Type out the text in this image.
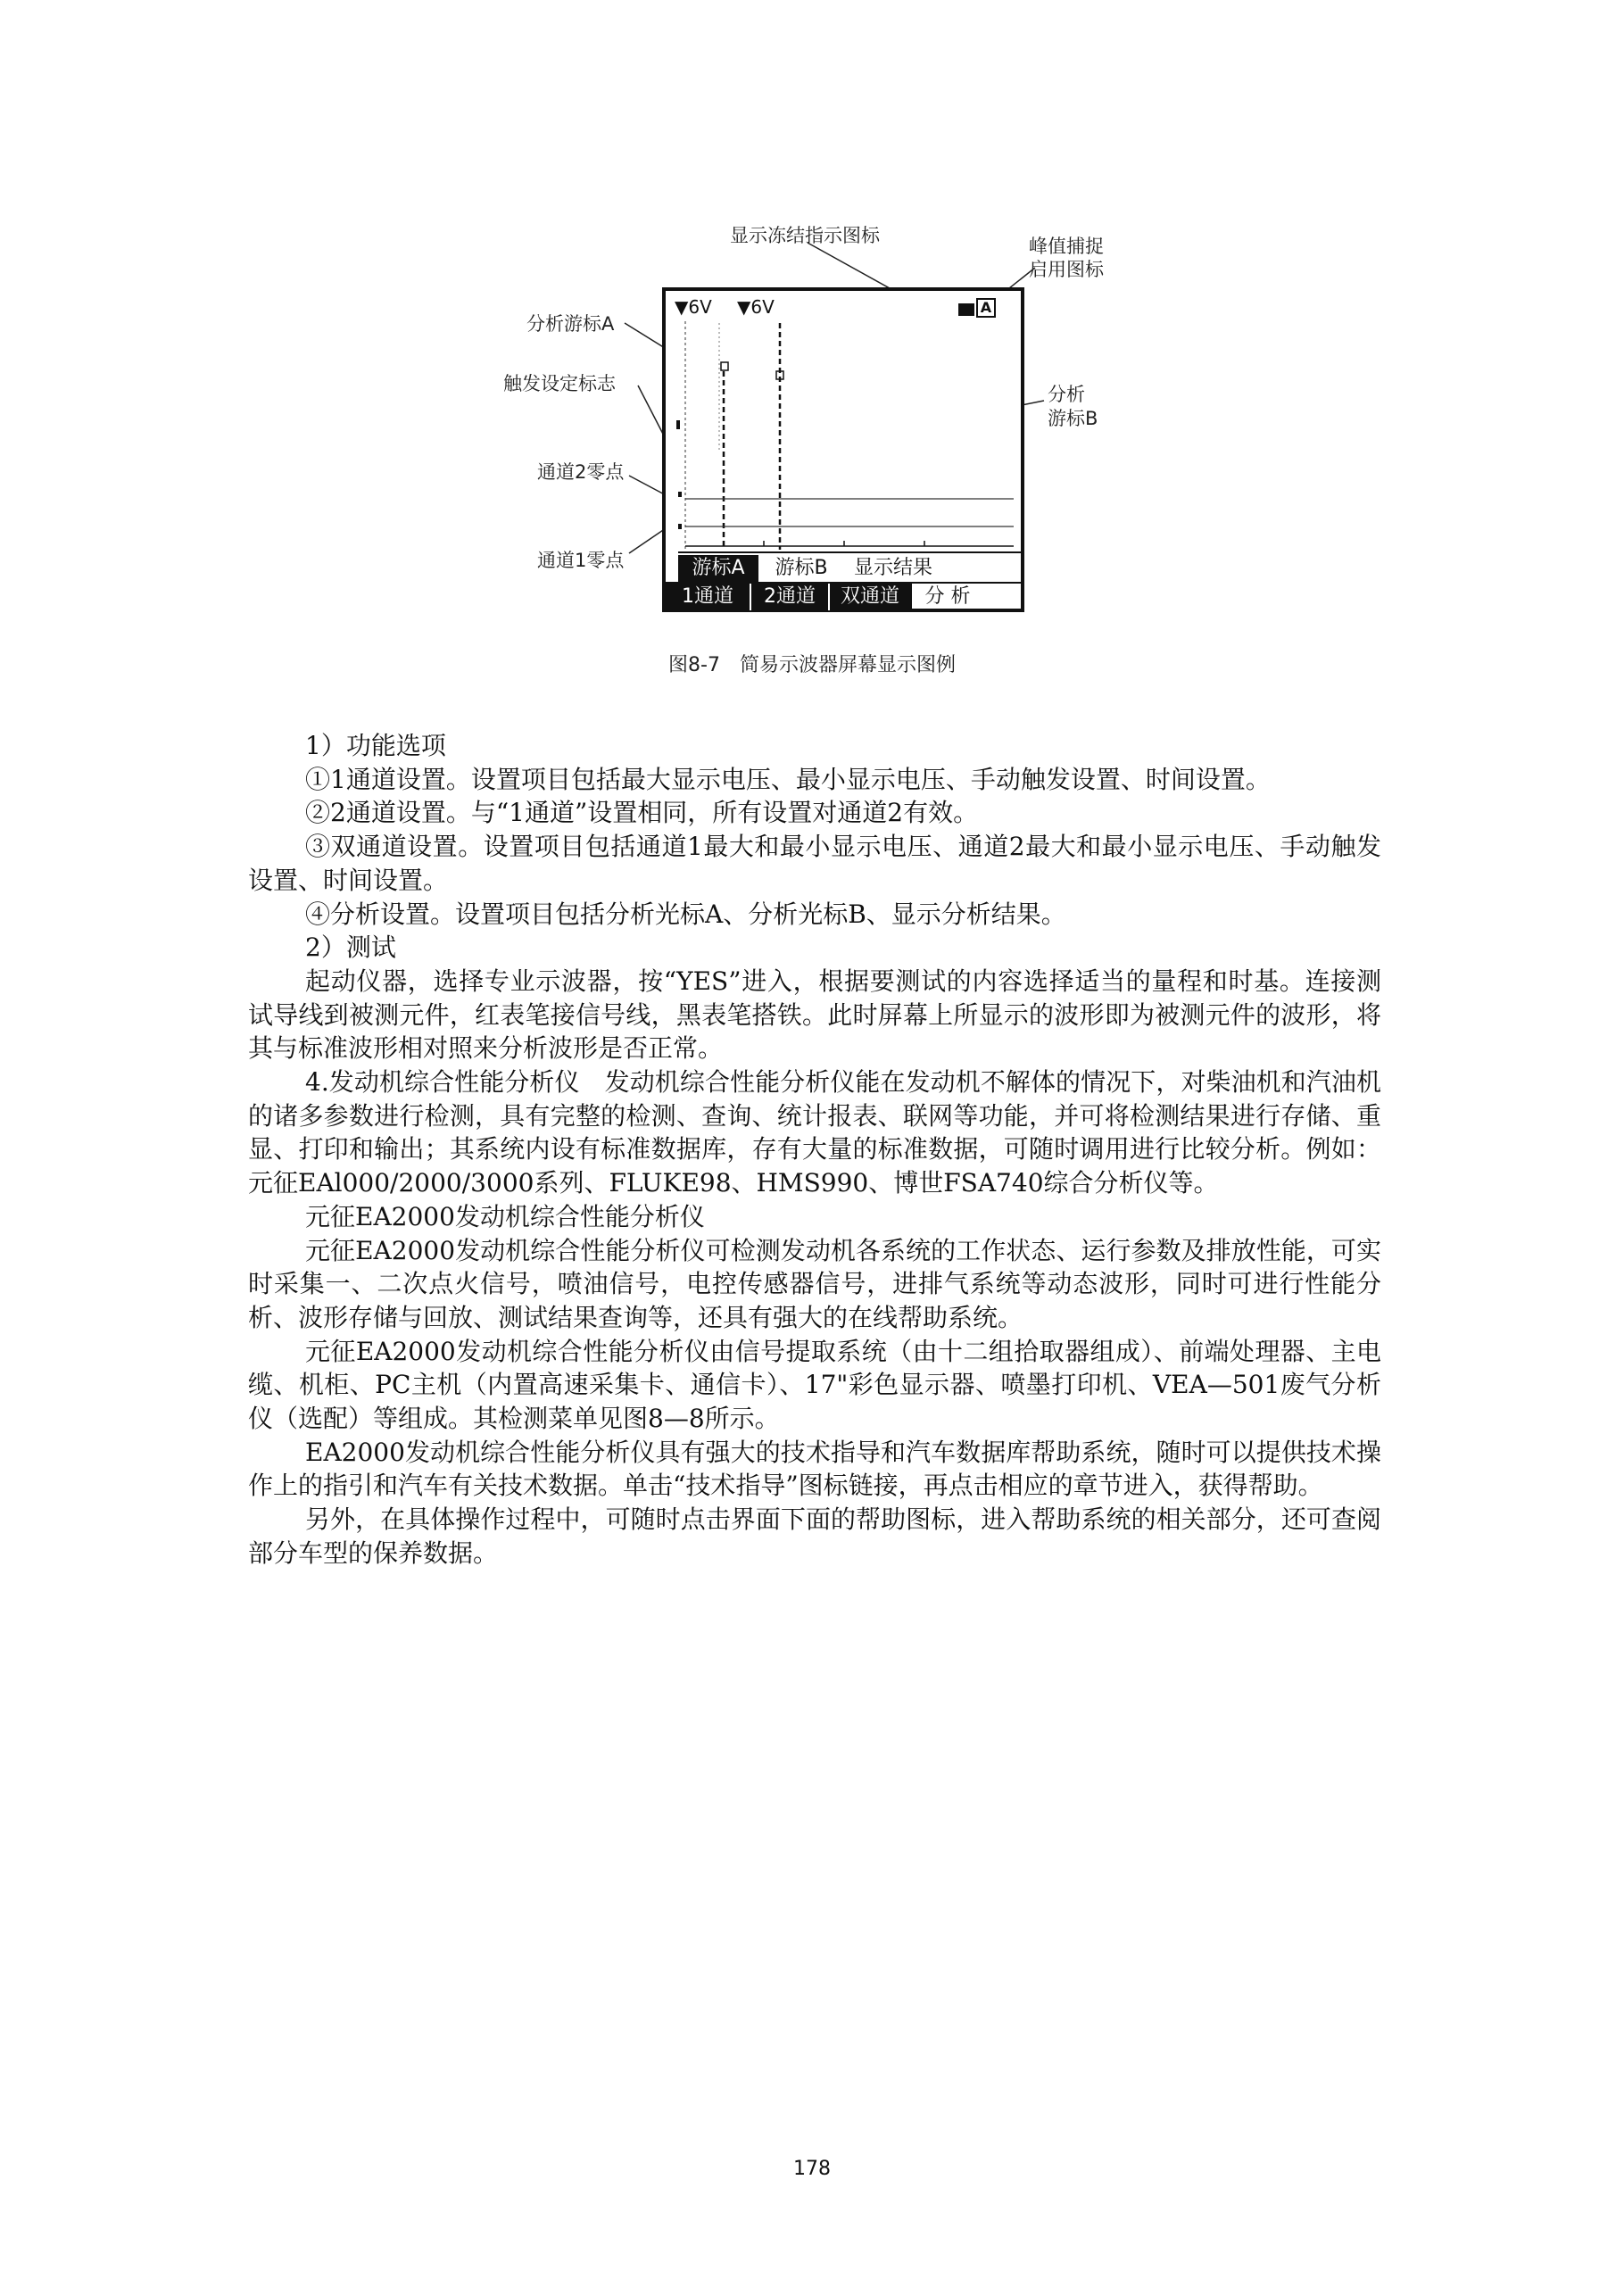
显示冻结指示图标	峰值捕捉
启用图标
分析游标A
触发设定标志	分析
游标B
通道2零点
通道1零点
▼6V ▼6V	A
游标A	游标B	显示结果
1通道	2通道	双通道	分 析
图8-7　简易示波器屏幕显示图例

1）功能选项

①1通道设置。设置项目包括最大显示电压、最小显示电压、手动触发设置、时间设置。

②2通道设置。与“1通道”设置相同，所有设置对通道2有效。

③双通道设置。设置项目包括通道1最大和最小显示电压、通道2最大和最小显示电压、手动触发设置、时间设置。

④分析设置。设置项目包括分析光标A、分析光标B、显示分析结果。

2）测试

起动仪器，选择专业示波器，按“YES”进入，根据要测试的内容选择适当的量程和时基。连接测试导线到被测元件，红表笔接信号线，黑表笔搭铁。此时屏幕上所显示的波形即为被测元件的波形，将其与标准波形相对照来分析波形是否正常。

4.发动机综合性能分析仪　发动机综合性能分析仪能在发动机不解体的情况下，对柴油机和汽油机的诸多参数进行检测，具有完整的检测、查询、统计报表、联网等功能，并可将检测结果进行存储、重显、打印和输出；其系统内设有标准数据库，存有大量的标准数据，可随时调用进行比较分析。例如：元征EAl000/2000/3000系列、FLUKE98、HMS990、博世FSA740综合分析仪等。

元征EA2000发动机综合性能分析仪

元征EA2000发动机综合性能分析仪可检测发动机各系统的工作状态、运行参数及排放性能，可实时采集一、二次点火信号，喷油信号，电控传感器信号，进排气系统等动态波形，同时可进行性能分析、波形存储与回放、测试结果查询等，还具有强大的在线帮助系统。

元征EA2000发动机综合性能分析仪由信号提取系统（由十二组拾取器组成）、前端处理器、主电缆、机柜、PC主机（内置高速采集卡、通信卡）、17"彩色显示器、喷墨打印机、VEA—501废气分析仪（选配）等组成。其检测菜单见图8—8所示。

EA2000发动机综合性能分析仪具有强大的技术指导和汽车数据库帮助系统，随时可以提供技术操作上的指引和汽车有关技术数据。单击“技术指导”图标链接，再点击相应的章节进入，获得帮助。

另外，在具体操作过程中，可随时点击界面下面的帮助图标，进入帮助系统的相关部分，还可查阅部分车型的保养数据。

178
